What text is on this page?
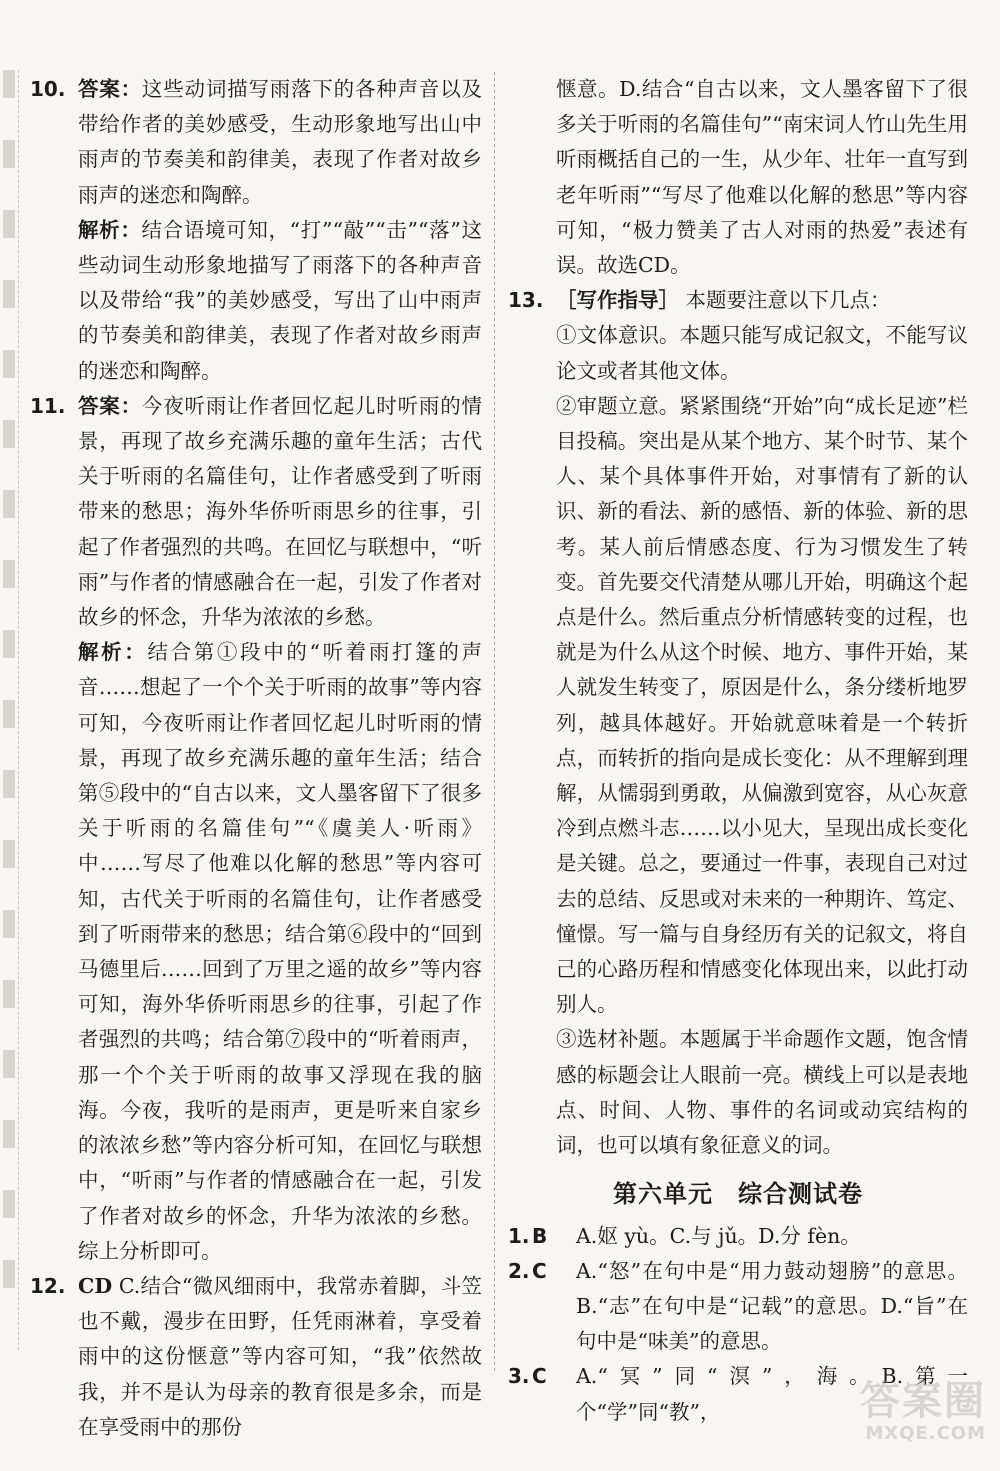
10. 答案：这些动词描写雨落下的各种声音以及带给作者的美妙感受，生动形象地写出山中雨声的节奏美和韵律美，表现了作者对故乡雨声的迷恋和陶醉。

解析：结合语境可知，“打”“敲”“击”“落”这些动词生动形象地描写了雨落下的各种声音以及带给“我”的美妙感受，写出了山中雨声的节奏美和韵律美，表现了作者对故乡雨声的迷恋和陶醉。

11. 答案：今夜听雨让作者回忆起儿时听雨的情景，再现了故乡充满乐趣的童年生活；古代关于听雨的名篇佳句，让作者感受到了听雨带来的愁思；海外华侨听雨思乡的往事，引起了作者强烈的共鸣。在回忆与联想中，“听雨”与作者的情感融合在一起，引发了作者对故乡的怀念，升华为浓浓的乡愁。

解析：结合第①段中的“听着雨打篷的声音……想起了一个个关于听雨的故事”等内容可知，今夜听雨让作者回忆起儿时听雨的情景，再现了故乡充满乐趣的童年生活；结合第⑤段中的“自古以来，文人墨客留下了很多关于听雨的名篇佳句”“《虞美人·听雨》中……写尽了他难以化解的愁思”等内容可知，古代关于听雨的名篇佳句，让作者感受到了听雨带来的愁思；结合第⑥段中的“回到马德里后……回到了万里之遥的故乡”等内容可知，海外华侨听雨思乡的往事，引起了作者强烈的共鸣；结合第⑦段中的“听着雨声，那一个个关于听雨的故事又浮现在我的脑海。今夜，我听的是雨声，更是听来自家乡的浓浓乡愁”等内容分析可知，在回忆与联想中，“听雨”与作者的情感融合在一起，引发了作者对故乡的怀念，升华为浓浓的乡愁。综上分析即可。

12. CD C.结合“微风细雨中，我常赤着脚，斗笠也不戴，漫步在田野，任凭雨淋着，享受着雨中的这份惬意”等内容可知，“我”依然故我，并不是认为母亲的教育很是多余，而是在享受雨中的那份

惬意。D.结合“自古以来，文人墨客留下了很多关于听雨的名篇佳句”“南宋词人竹山先生用听雨概括自己的一生，从少年、壮年一直写到老年听雨”“写尽了他难以化解的愁思”等内容可知，“极力赞美了古人对雨的热爱”表述有误。故选CD。

13. ［写作指导］ 本题要注意以下几点：

①文体意识。本题只能写成记叙文，不能写议论文或者其他文体。

②审题立意。紧紧围绕“开始”向“成长足迹”栏目投稿。突出是从某个地方、某个时节、某个人、某个具体事件开始，对事情有了新的认识、新的看法、新的感悟、新的体验、新的思考。某人前后情感态度、行为习惯发生了转变。首先要交代清楚从哪儿开始，明确这个起点是什么。然后重点分析情感转变的过程，也就是为什么从这个时候、地方、事件开始，某人就发生转变了，原因是什么，条分缕析地罗列，越具体越好。开始就意味着是一个转折点，而转折的指向是成长变化：从不理解到理解，从懦弱到勇敢，从偏激到宽容，从心灰意冷到点燃斗志……以小见大，呈现出成长变化是关键。总之，要通过一件事，表现自己对过去的总结、反思或对未来的一种期许、笃定、憧憬。写一篇与自身经历有关的记叙文，将自己的心路历程和情感变化体现出来，以此打动别人。

③选材补题。本题属于半命题作文题，饱含情感的标题会让人眼前一亮。横线上可以是表地点、时间、人物、事件的名词或动宾结构的词，也可以填有象征意义的词。

第六单元　综合测试卷
1. B	A.妪 yù。C.与 jǔ。D.分 fèn。

2. C	A.“怒”在句中是“用力鼓动翅膀”的意思。B.“志”在句中是“记载”的意思。D.“旨”在句中是“味美”的意思。

3. C	A.“冥”同“溟”，海。B.第一个“学”同“教”，	答案圈
MXQE.COM
